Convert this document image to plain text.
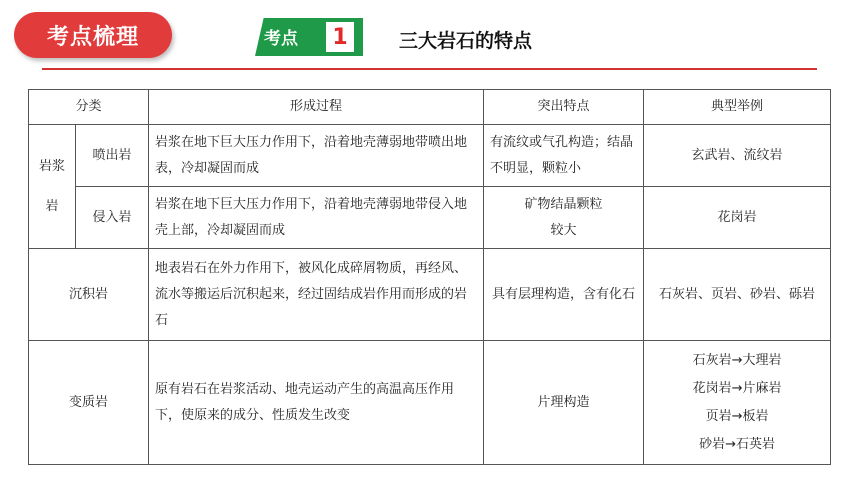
考点梳理	考点 1	三大岩石的特点
分类		形成过程	突出特点	典型举例
岩浆岩	喷出岩	岩浆在地下巨大压力作用下，沿着地壳薄弱地带喷出地表，冷却凝固而成	有流纹或气孔构造；结晶不明显，颗粒小	玄武岩、流纹岩
	侵入岩	岩浆在地下巨大压力作用下，沿着地壳薄弱地带侵入地壳上部，冷却凝固而成	矿物结晶颗粒较大	花岗岩
沉积岩		地表岩石在外力作用下，被风化成碎屑物质，再经风、流水等搬运后沉积起来，经过固结成岩作用而形成的岩石	具有层理构造，含有化石	石灰岩、页岩、砂岩、砾岩
变质岩		原有岩石在岩浆活动、地壳运动产生的高温高压作用下，使原来的成分、性质发生改变	片理构造	石灰岩→大理岩
花岗岩→片麻岩
页岩→板岩
砂岩→石英岩
